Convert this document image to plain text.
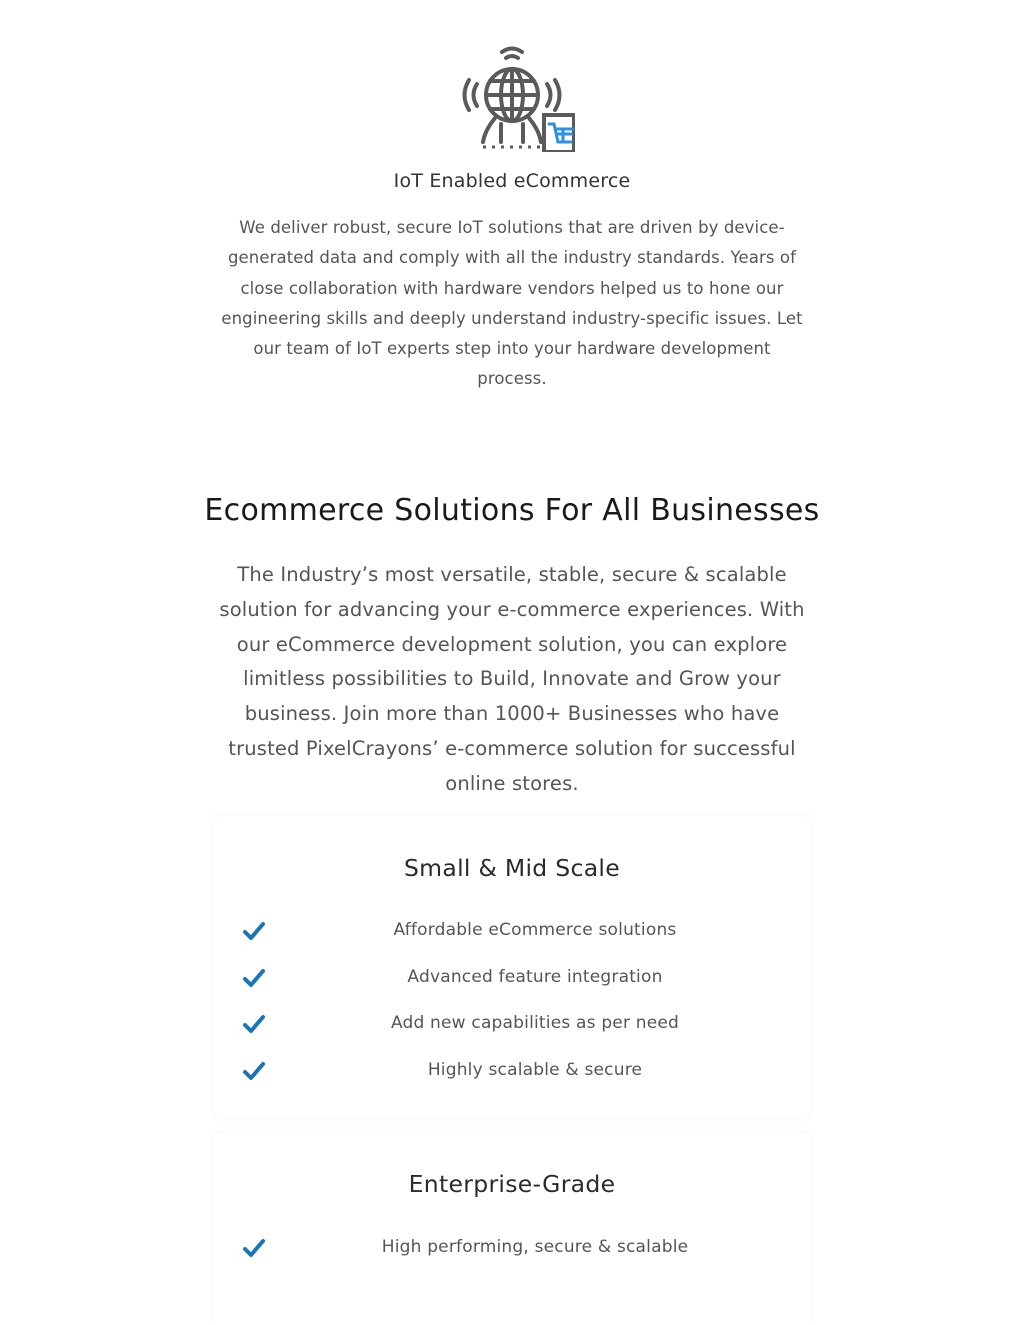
IoT Enabled eCommerce

We deliver robust, secure IoT solutions that are driven by device-generated data and comply with all the industry standards. Years of close collaboration with hardware vendors helped us to hone our engineering skills and deeply understand industry-specific issues. Let our team of IoT experts step into your hardware development process.

Ecommerce Solutions For All Businesses

The Industry’s most versatile, stable, secure & scalable solution for advancing your e-commerce experiences. With our eCommerce development solution, you can explore limitless possibilities to Build, Innovate and Grow your business. Join more than 1000+ Businesses who have trusted PixelCrayons’ e-commerce solution for successful online stores.

Small & Mid Scale

Affordable eCommerce solutions

Advanced feature integration

Add new capabilities as per need

Highly scalable & secure

Enterprise-Grade

High performing, secure & scalable
